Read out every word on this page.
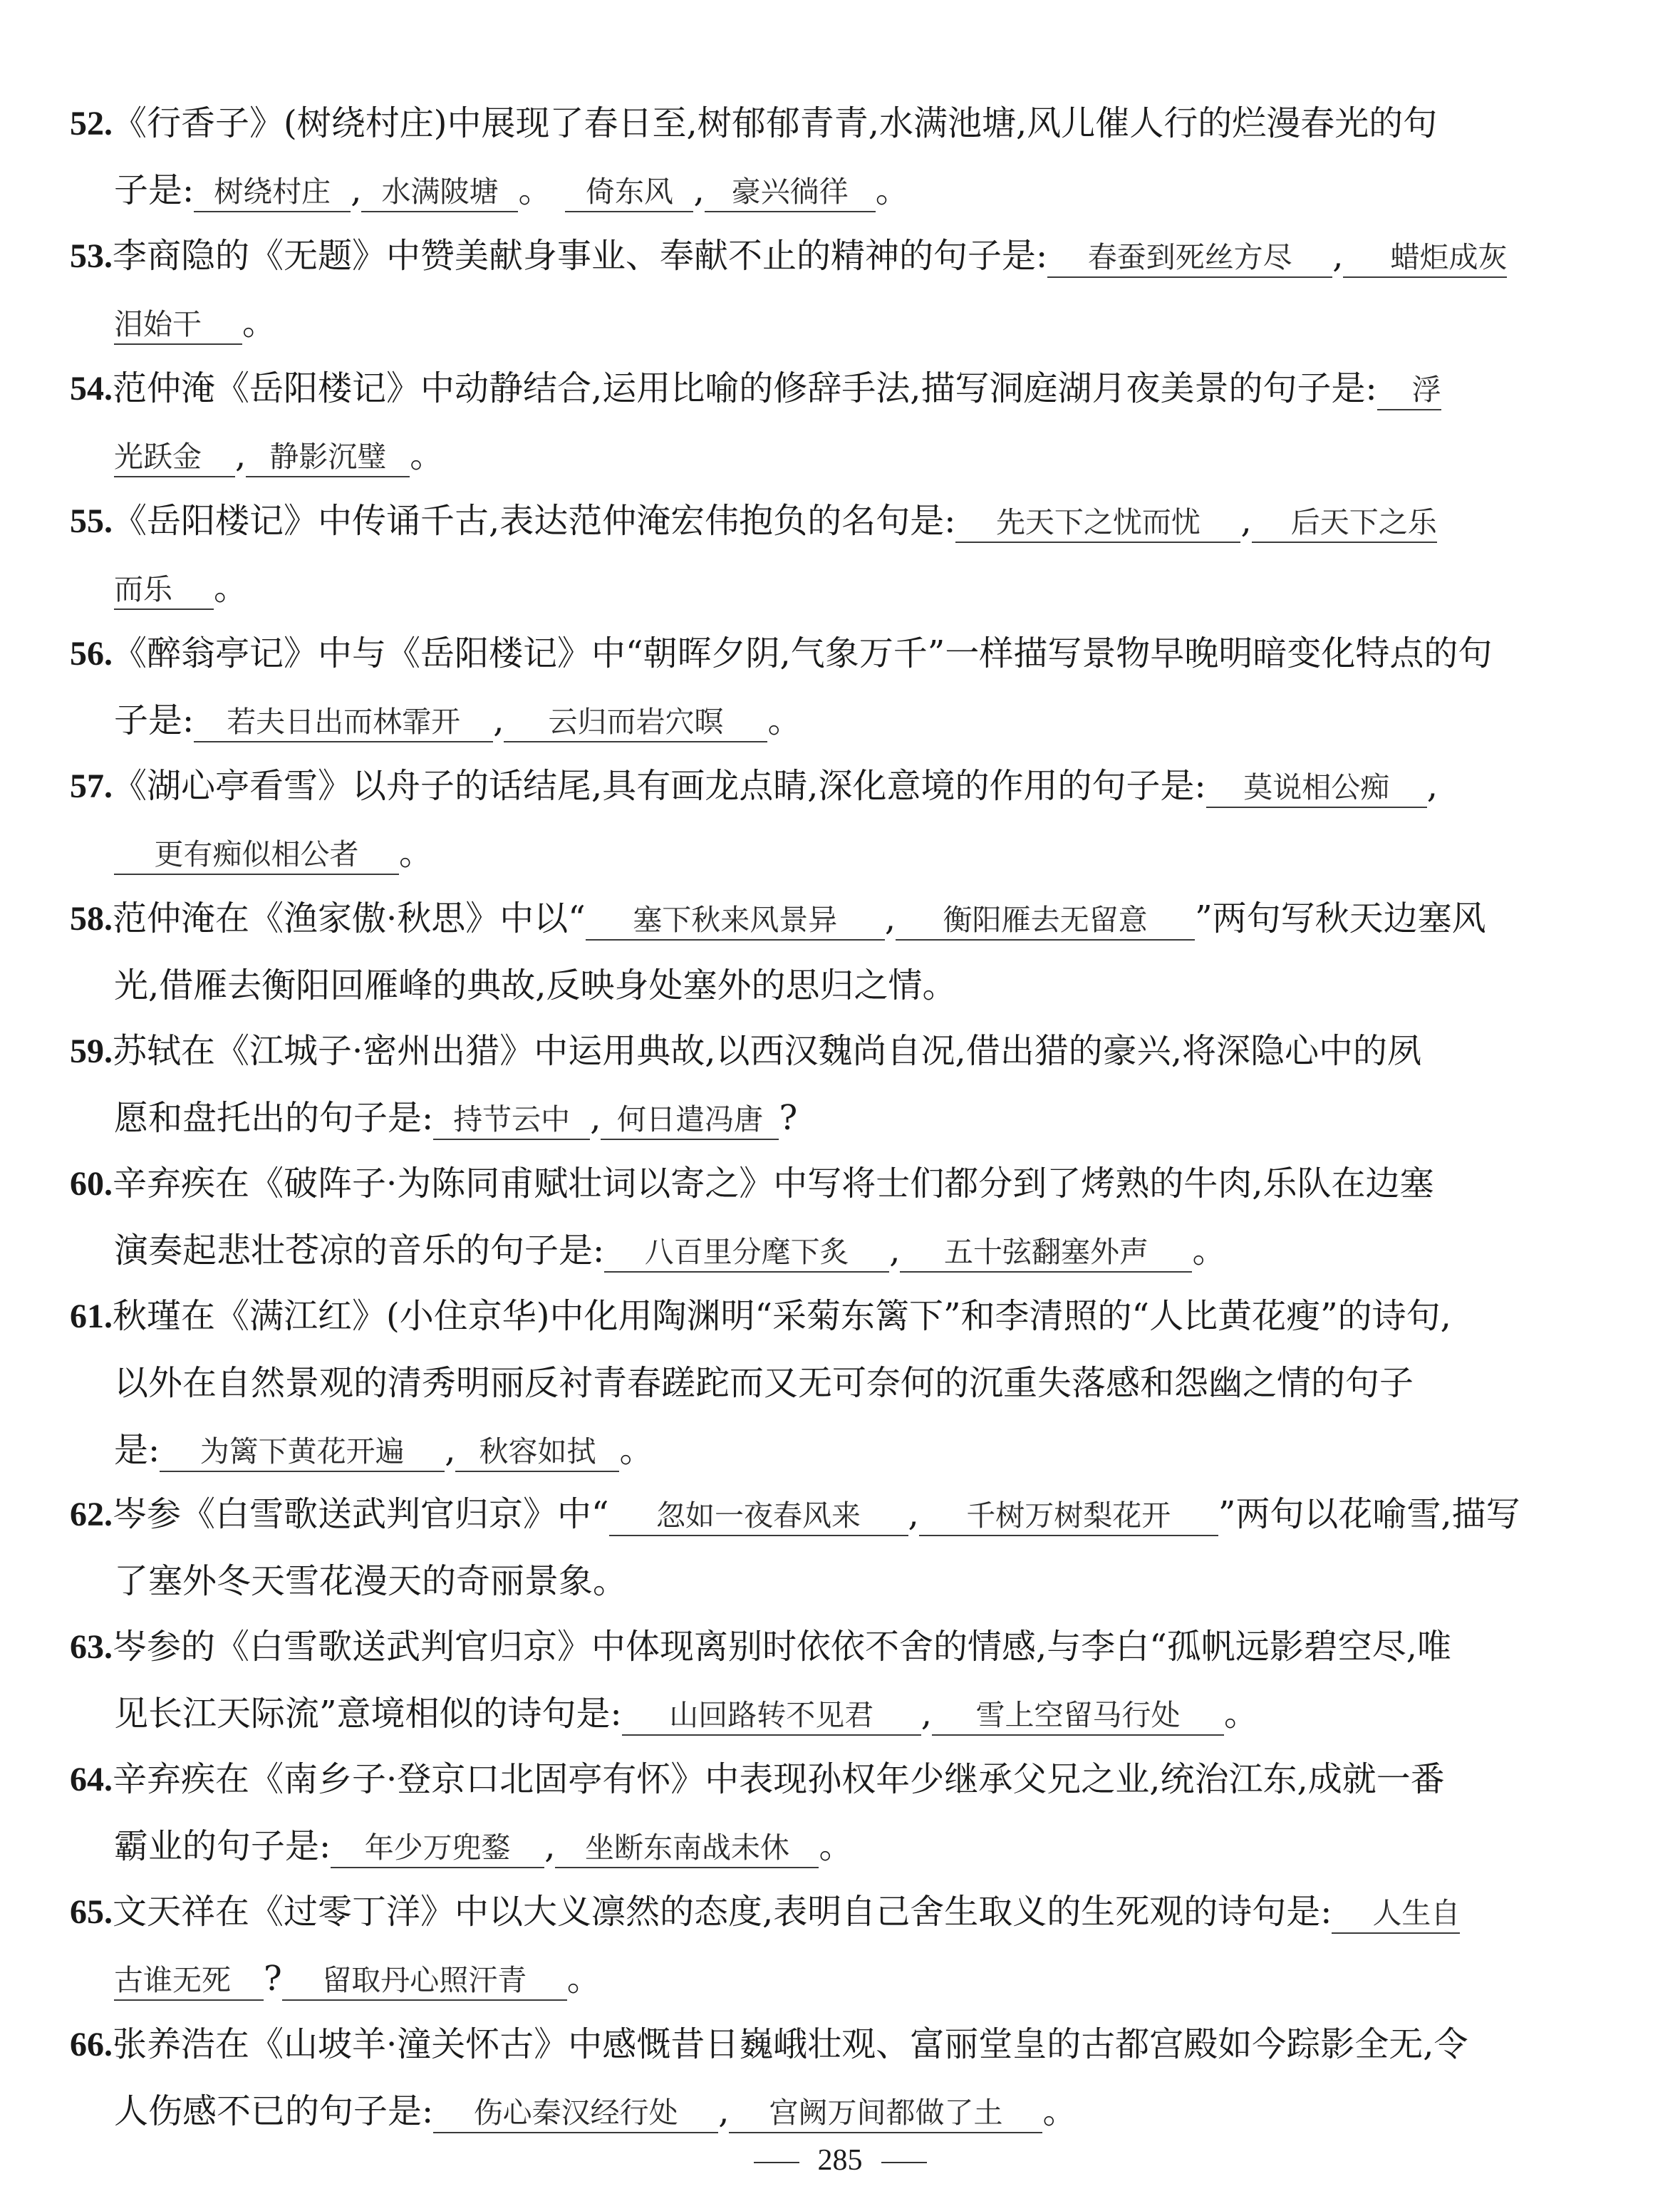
52.《行香子》(树绕村庄)中展现了春日至,树郁郁青青,水满池塘,风儿催人行的烂漫春光的句
子是: 树绕村庄 , 水满陂塘 。 倚东风 , 豪兴徜徉 。
53.李商隐的《无题》中赞美献身事业、奉献不止的精神的句子是: 春蚕到死丝方尽 , 蜡炬成灰
泪始干 。
54.范仲淹《岳阳楼记》中动静结合,运用比喻的修辞手法,描写洞庭湖月夜美景的句子是: 浮
光跃金 , 静影沉璧 。
55.《岳阳楼记》中传诵千古,表达范仲淹宏伟抱负的名句是: 先天下之忧而忧 , 后天下之乐
而乐 。
56.《醉翁亭记》中与《岳阳楼记》中“朝晖夕阴,气象万千”一样描写景物早晚明暗变化特点的句
子是: 若夫日出而林霏开 , 云归而岩穴暝 。
57.《湖心亭看雪》以舟子的话结尾,具有画龙点睛,深化意境的作用的句子是: 莫说相公痴 ,
更有痴似相公者 。
58.范仲淹在《渔家傲·秋思》中以“ 塞下秋来风景异 , 衡阳雁去无留意 ”两句写秋天边塞风
光,借雁去衡阳回雁峰的典故,反映身处塞外的思归之情。
59.苏轼在《江城子·密州出猎》中运用典故,以西汉魏尚自况,借出猎的豪兴,将深隐心中的夙
愿和盘托出的句子是: 持节云中 , 何日遣冯唐 ?
60.辛弃疾在《破阵子·为陈同甫赋壮词以寄之》中写将士们都分到了烤熟的牛肉,乐队在边塞
演奏起悲壮苍凉的音乐的句子是: 八百里分麾下炙 , 五十弦翻塞外声 。
61.秋瑾在《满江红》(小住京华)中化用陶渊明“采菊东篱下”和李清照的“人比黄花瘦”的诗句,
以外在自然景观的清秀明丽反衬青春蹉跎而又无可奈何的沉重失落感和怨幽之情的句子
是: 为篱下黄花开遍 , 秋容如拭 。
62.岑参《白雪歌送武判官归京》中“ 忽如一夜春风来 , 千树万树梨花开 ”两句以花喻雪,描写
了塞外冬天雪花漫天的奇丽景象。
63.岑参的《白雪歌送武判官归京》中体现离别时依依不舍的情感,与李白“孤帆远影碧空尽,唯
见长江天际流”意境相似的诗句是: 山回路转不见君 , 雪上空留马行处 。
64.辛弃疾在《南乡子·登京口北固亭有怀》中表现孙权年少继承父兄之业,统治江东,成就一番
霸业的句子是: 年少万兜鍪 , 坐断东南战未休 。
65.文天祥在《过零丁洋》中以大义凛然的态度,表明自己舍生取义的生死观的诗句是: 人生自
古谁无死 ? 留取丹心照汗青 。
66.张养浩在《山坡羊·潼关怀古》中感慨昔日巍峨壮观、富丽堂皇的古都宫殿如今踪影全无,令
人伤感不已的句子是: 伤心秦汉经行处 , 宫阙万间都做了土 。
285
